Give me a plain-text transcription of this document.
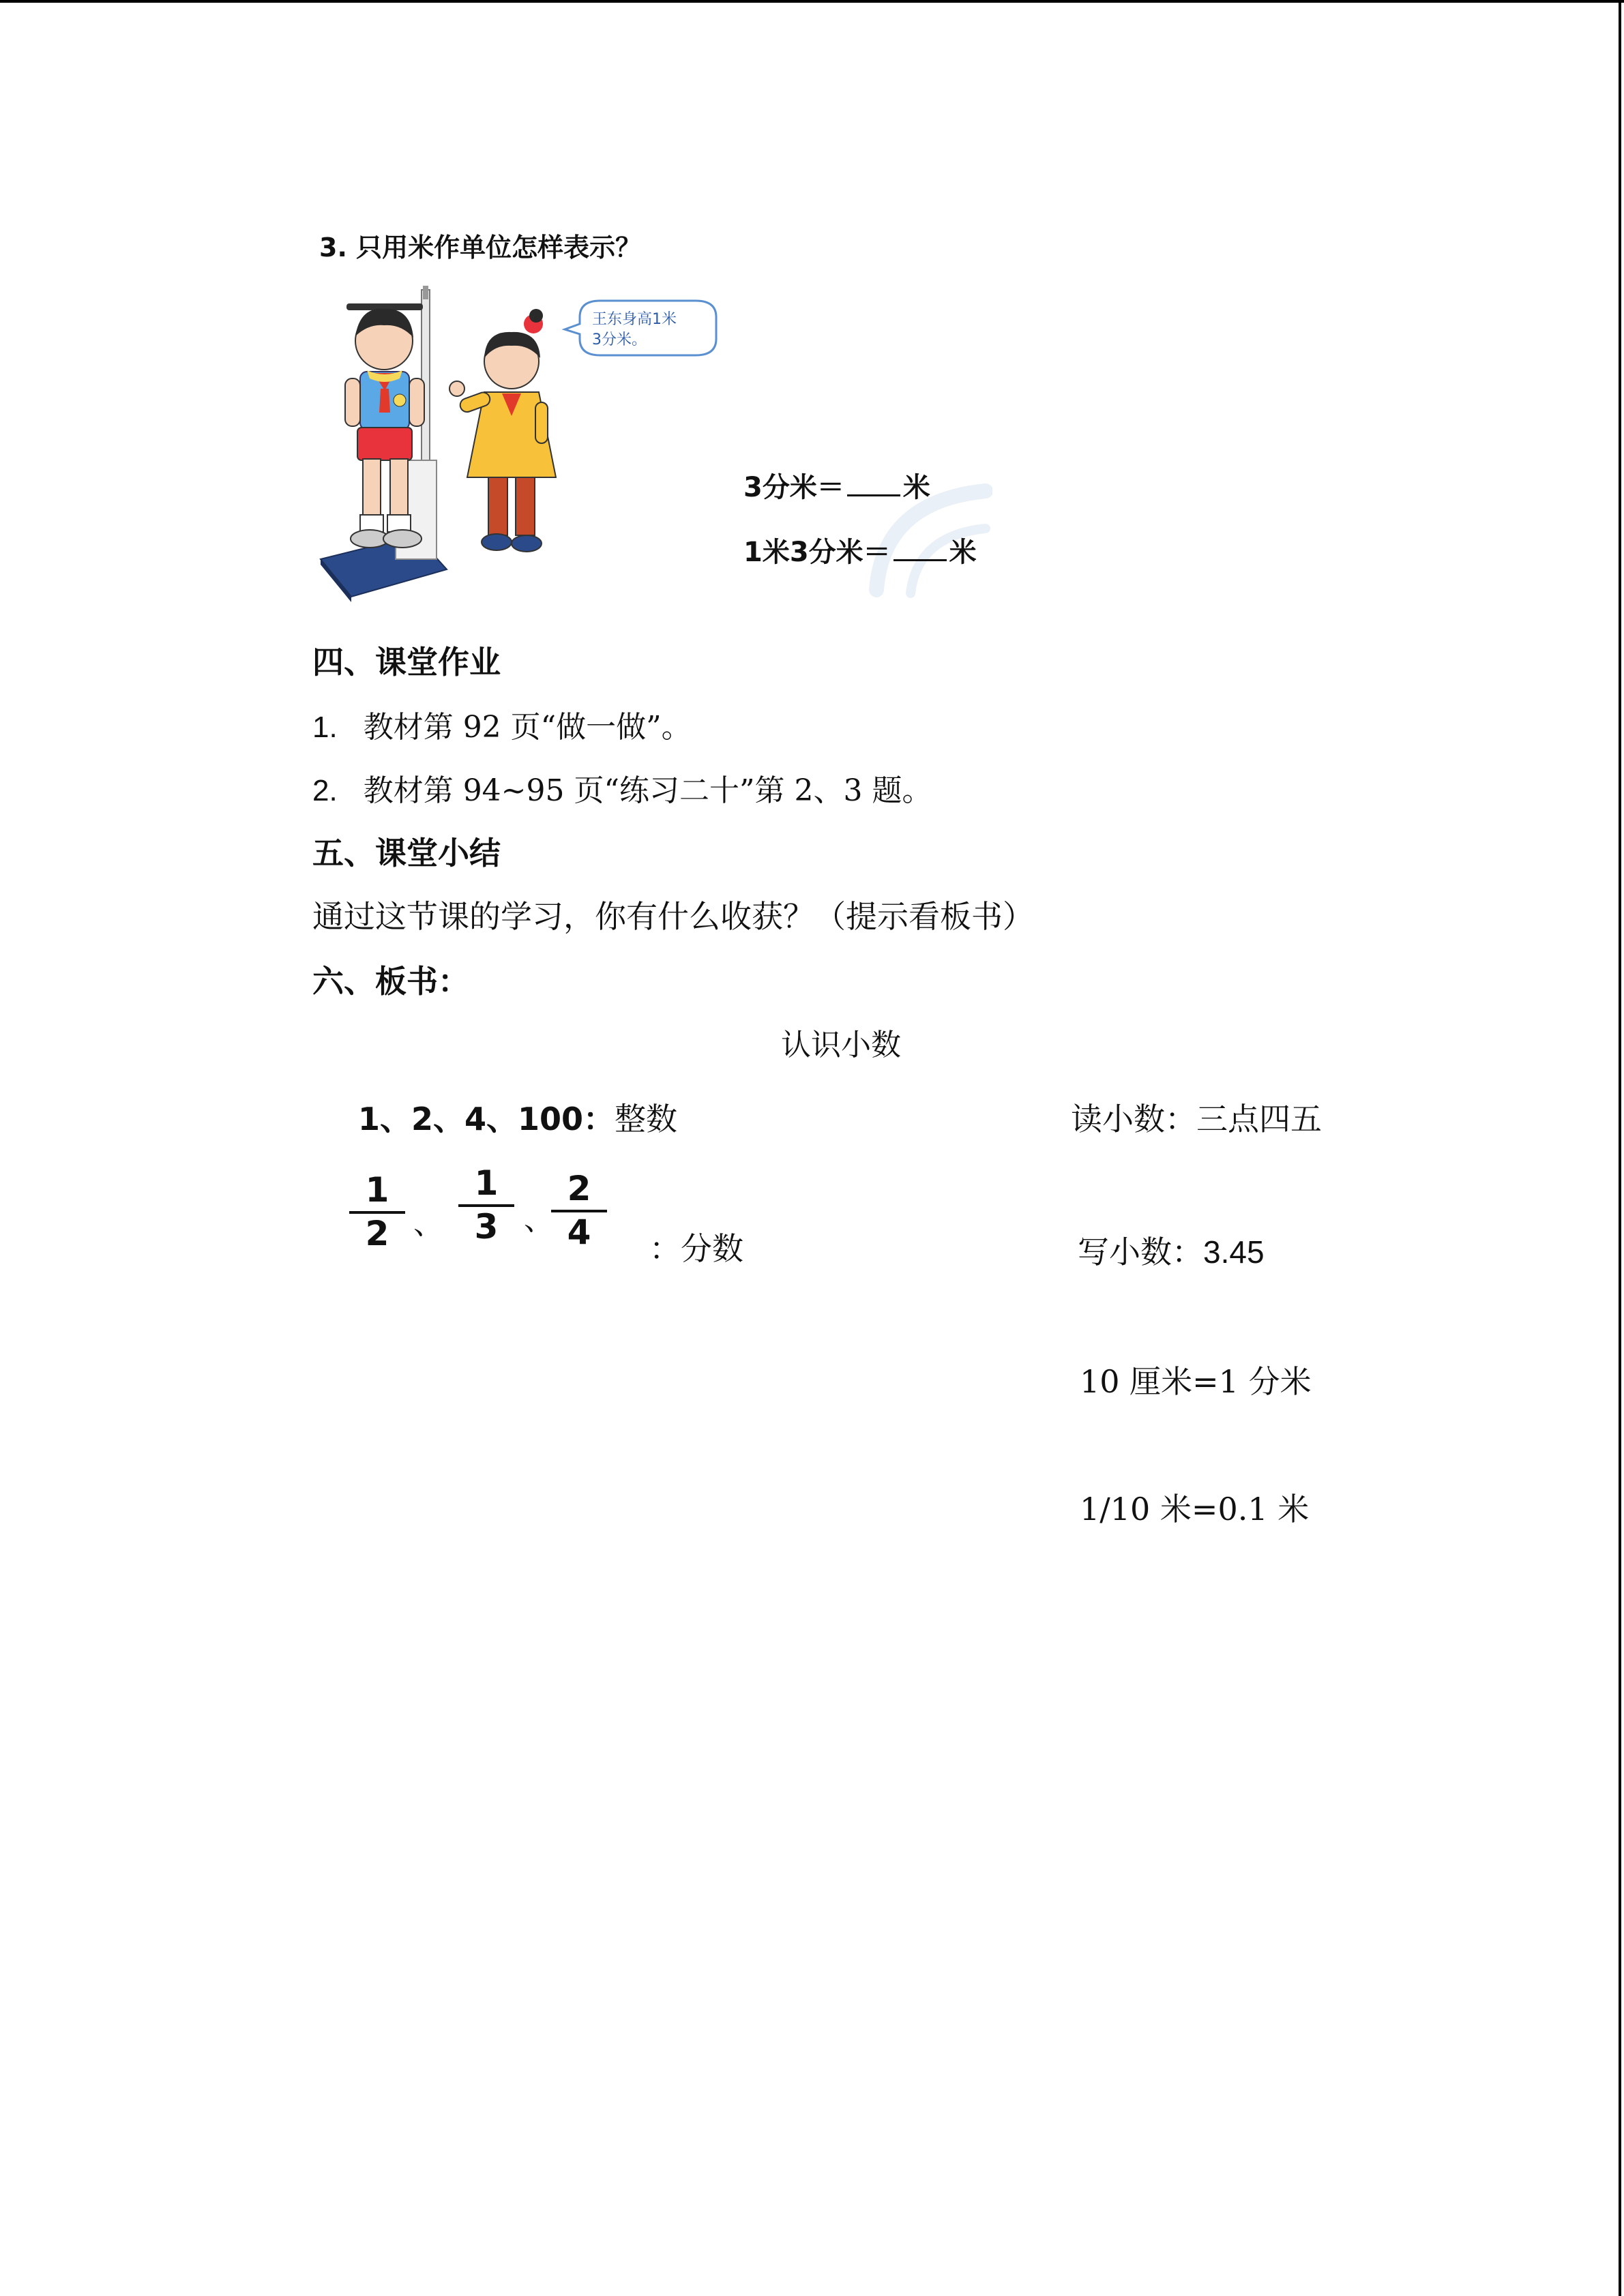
3. 只用米作单位怎样表示？
王东身高1米
3分米。
3分米＝ 米
1米3分米＝ 米
四、课堂作业
1. 教材第 92 页“做一做”。
2. 教材第 94~95 页“练习二十”第 2、3 题。
五、课堂小结
通过这节课的学习，你有什么收获？（提示看板书）
六、板书：
认识小数
1、2、4、100：整数
$\frac{1}{2}$ 、 $\frac{1}{3}$ 、
$\frac{2}{4}$ ：分数
读小数：三点四五
写小数：3.45
10 厘米=1 分米
1/10 米=0.1 米
